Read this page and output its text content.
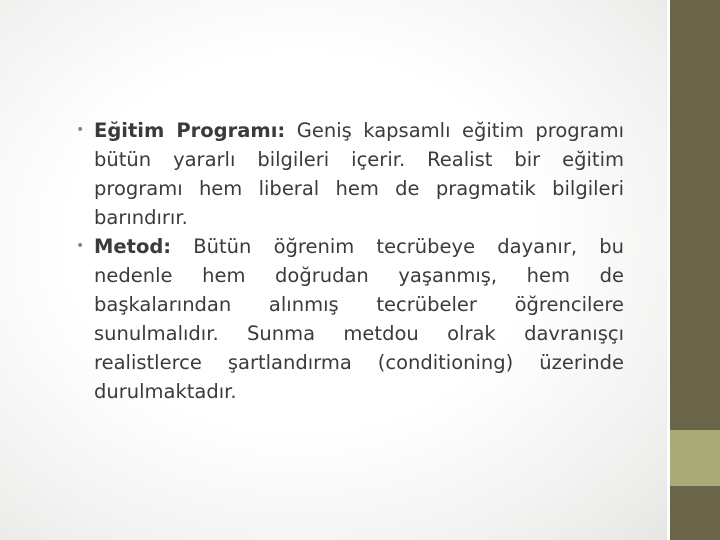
• Eğitim Programı: Geniş kapsamlı eğitim programı bütün yararlı bilgileri içerir. Realist bir eğitim programı hem liberal hem de pragmatik bilgileri barındırır.
• Metod: Bütün öğrenim tecrübeye dayanır, bu nedenle hem doğrudan yaşanmış, hem de başkalarından alınmış tecrübeler öğrencilere sunulmalıdır. Sunma metdou olrak davranışçı realistlerce şartlandırma (conditioning) üzerinde durulmaktadır.
